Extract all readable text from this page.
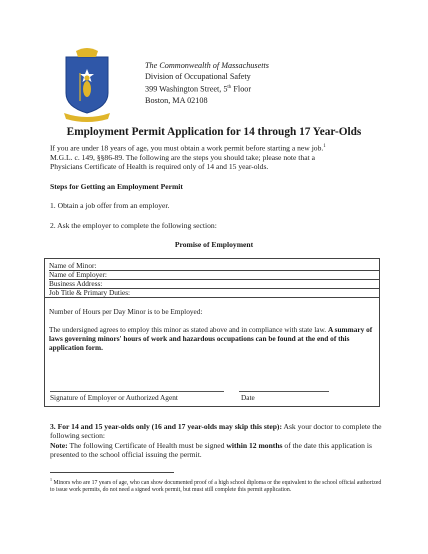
The Commonwealth of Massachusetts
Division of Occupational Safety
399 Washington Street, 5th Floor
Boston, MA 02108
Employment Permit Application for 14 through 17 Year-Olds
If you are under 18 years of age, you must obtain a work permit before starting a new job.$^1$
M.G.L. c. 149, §§86-89. The following are the steps you should take; please note that a
Physicians Certificate of Health is required only of 14 and 15 year-olds.
Steps for Getting an Employment Permit
1. Obtain a job offer from an employer.
2. Ask the employer to complete the following section:
Promise of Employment
Name of Minor:
Name of Employer:
Business Address:
Job Title & Primary Duties:
Number of Hours per Day Minor is to be Employed:
The undersigned agrees to employ this minor as stated above and in compliance with state law. A summary of laws governing minors' hours of work and hazardous occupations can be found at the end of this application form.
Signature of Employer or Authorized Agent	Date
3. For 14 and 15 year-olds only (16 and 17 year-olds may skip this step): Ask your doctor to complete the following section:
Note: The following Certificate of Health must be signed within 12 months of the date this application is presented to the school official issuing the permit.
$^1$ Minors who are 17 years of age, who can show documented proof of a high school diploma or the equivalent to the school official authorized to issue work permits, do not need a signed work permit, but must still complete this permit application.
